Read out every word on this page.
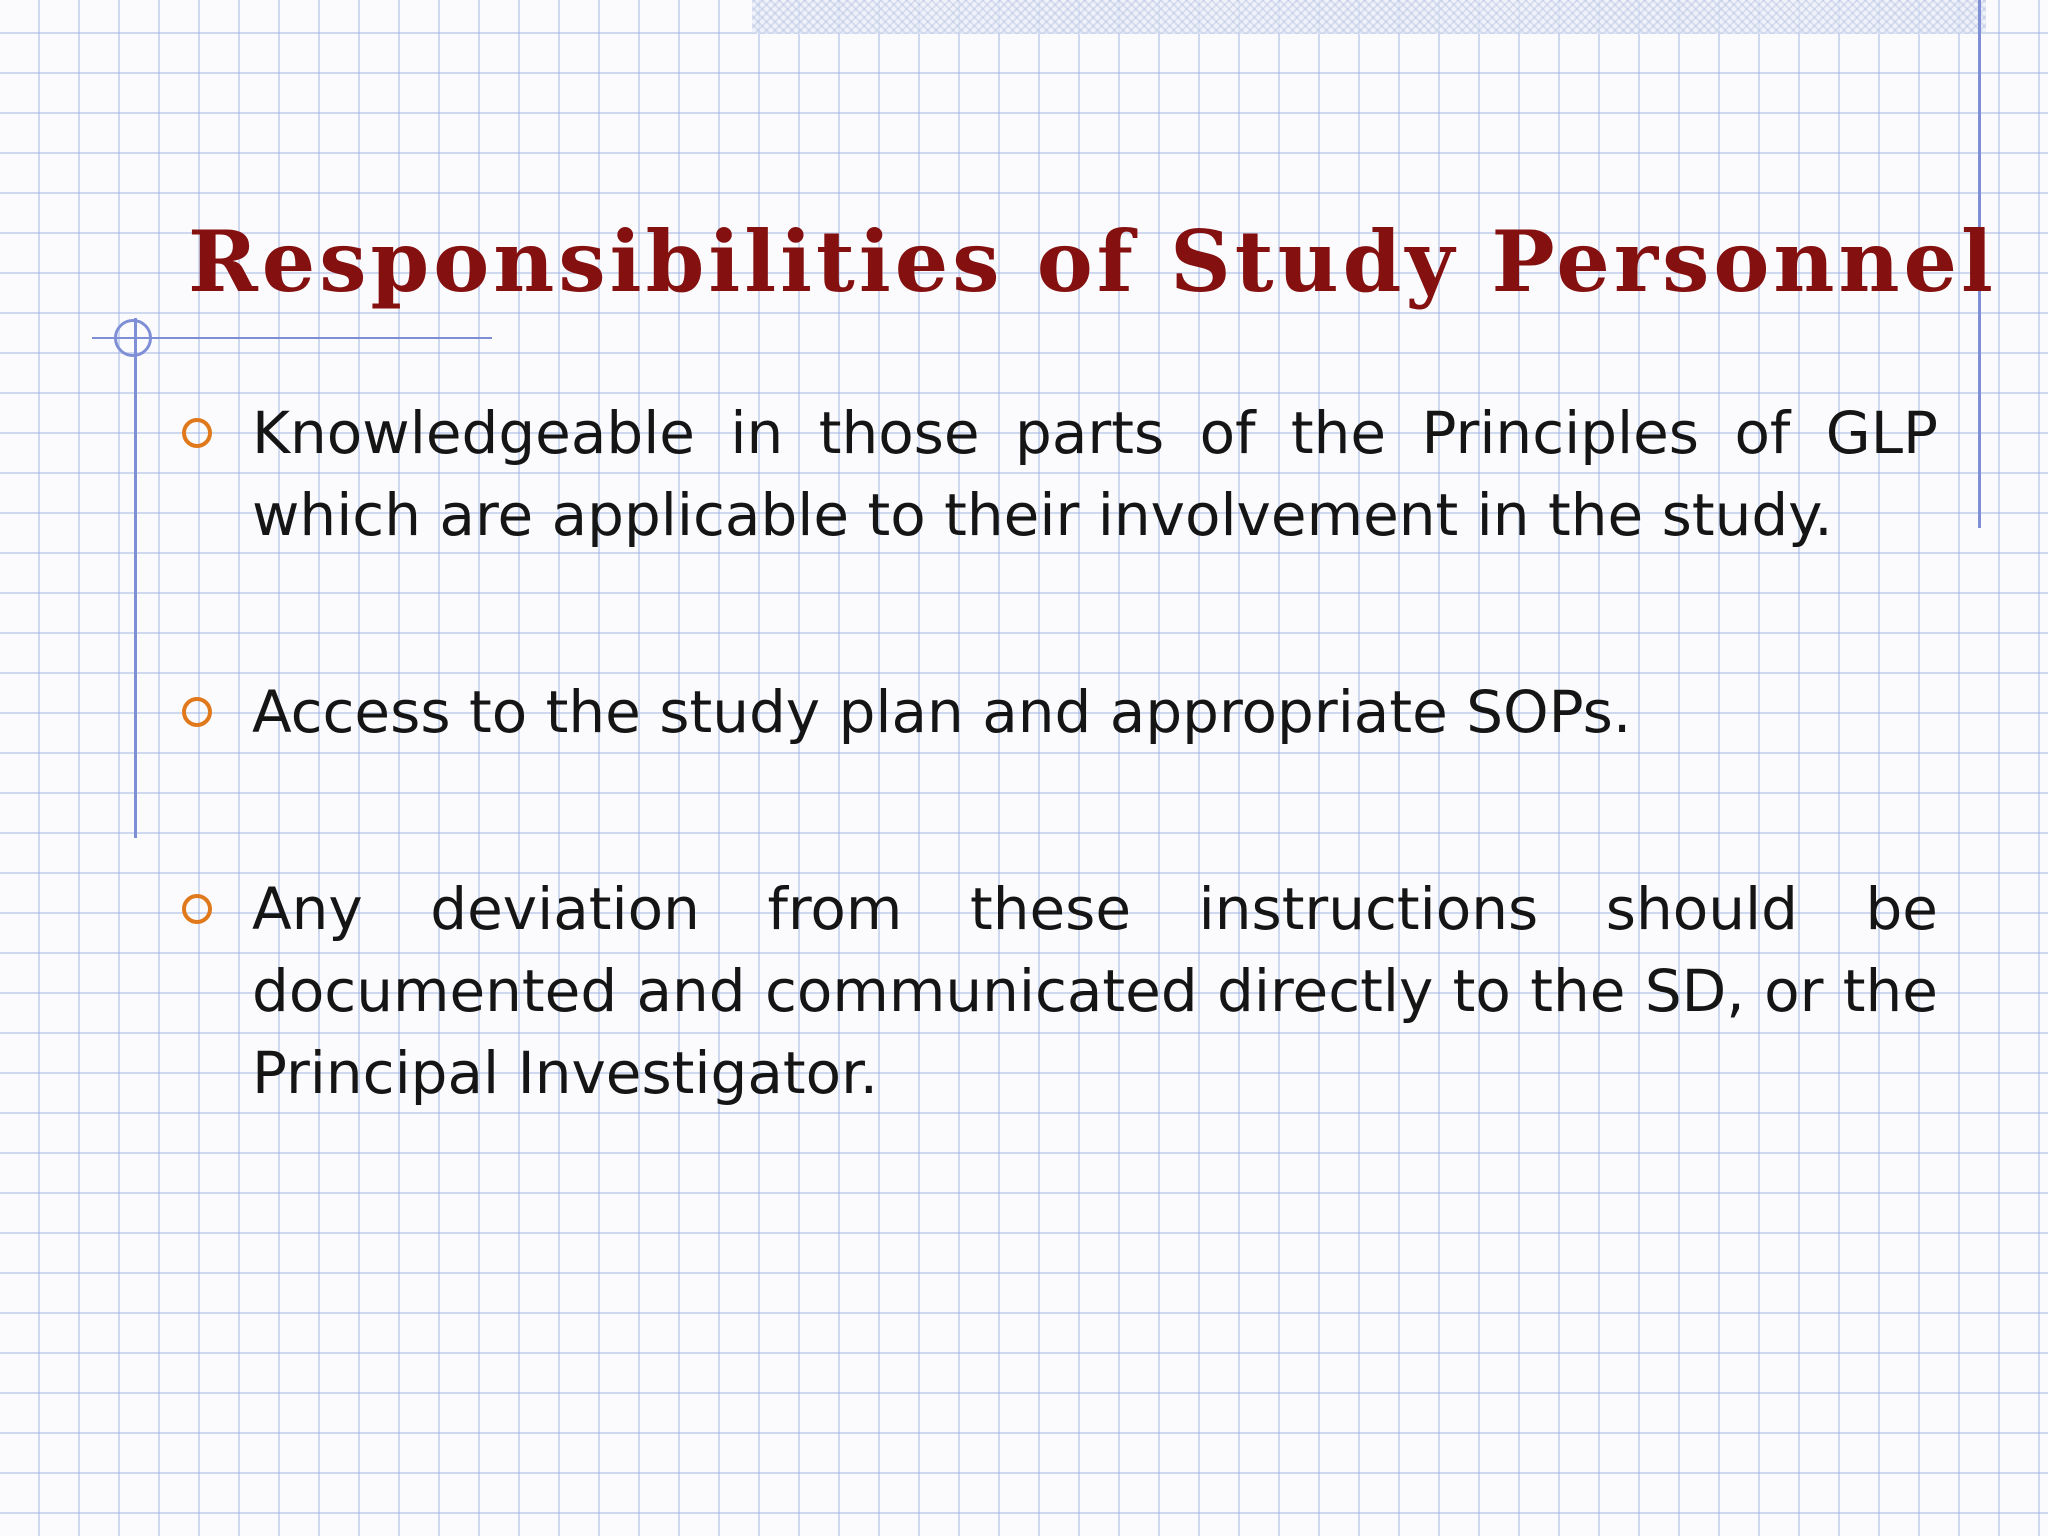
Responsibilities of Study Personnel
Knowledgeable in those parts of the Principles of GLP which are applicable to their involvement in the study.
Access to the study plan and appropriate SOPs.
Any deviation from these instructions should be documented and communicated directly to the SD, or the Principal Investigator.
